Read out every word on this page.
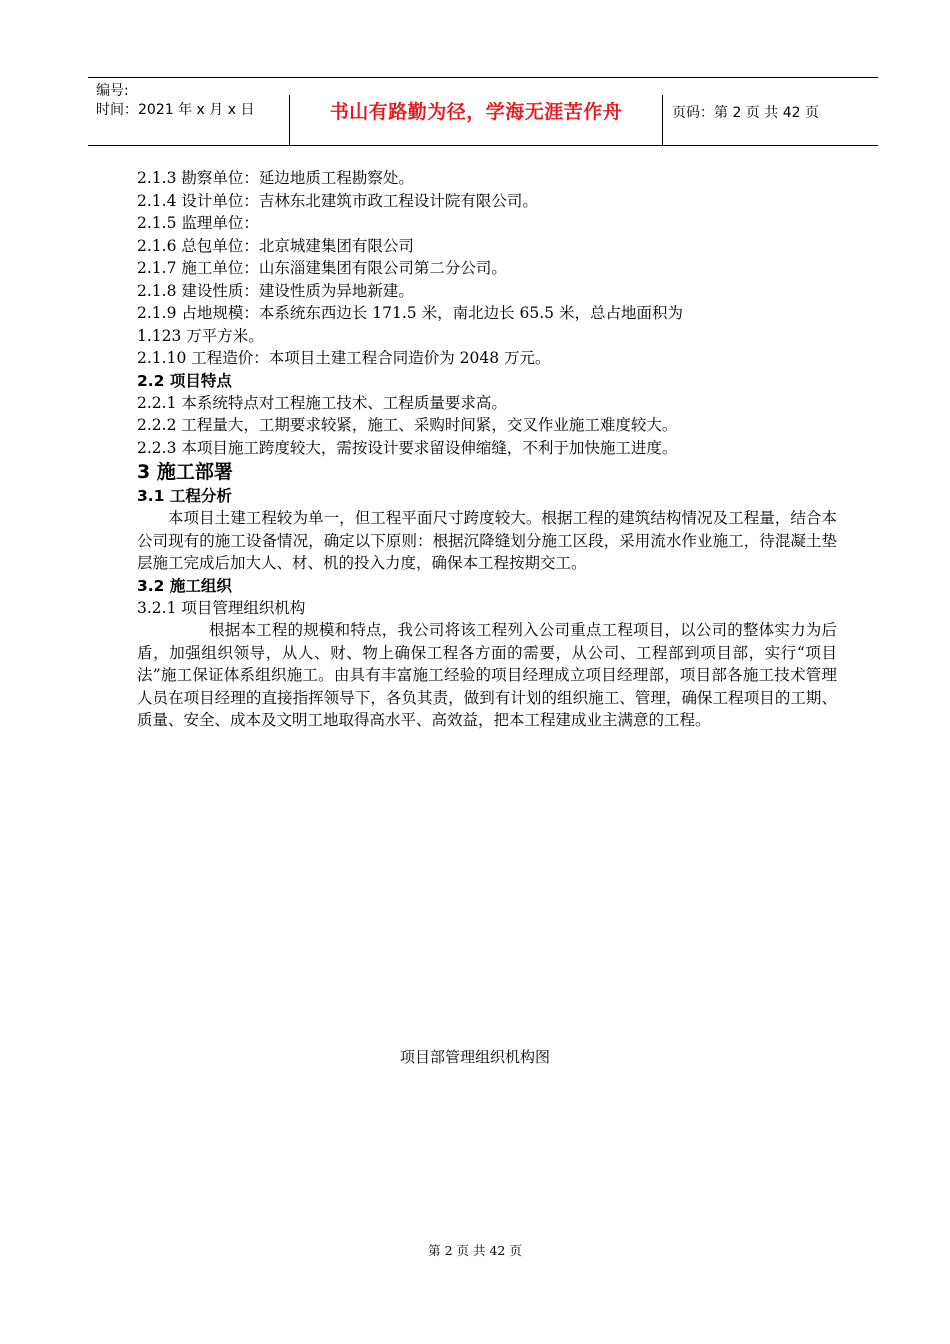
编号:
时间：2021 年 x 月 x 日	书山有路勤为径，学海无涯苦作舟	页码：第 2 页 共 42 页

2.1.3 勘察单位：延边地质工程勘察处。

2.1.4 设计单位：吉林东北建筑市政工程设计院有限公司。

2.1.5 监理单位：

2.1.6 总包单位：北京城建集团有限公司

2.1.7 施工单位：山东淄建集团有限公司第二分公司。

2.1.8 建设性质：建设性质为异地新建。

2.1.9 占地规模：本系统东西边长 171.5 米，南北边长 65.5 米，总占地面积为

1.123 万平方米。

2.1.10 工程造价：本项目土建工程合同造价为 2048 万元。

2.2 项目特点

2.2.1 本系统特点对工程施工技术、工程质量要求高。

2.2.2 工程量大，工期要求较紧，施工、采购时间紧，交叉作业施工难度较大。

2.2.3 本项目施工跨度较大，需按设计要求留设伸缩缝，不利于加快施工进度。

3 施工部署

3.1 工程分析

本项目土建工程较为单一，但工程平面尺寸跨度较大。根据工程的建筑结构情况及工程量，结合本公司现有的施工设备情况，确定以下原则：根据沉降缝划分施工区段，采用流水作业施工，待混凝土垫层施工完成后加大人、材、机的投入力度，确保本工程按期交工。

3.2 施工组织

3.2.1 项目管理组织机构

根据本工程的规模和特点，我公司将该工程列入公司重点工程项目，以公司的整体实力为后盾，加强组织领导，从人、财、物上确保工程各方面的需要，从公司、工程部到项目部，实行“项目法”施工保证体系组织施工。由具有丰富施工经验的项目经理成立项目经理部，项目部各施工技术管理人员在项目经理的直接指挥领导下，各负其责，做到有计划的组织施工、管理，确保工程项目的工期、质量、安全、成本及文明工地取得高水平、高效益，把本工程建成业主满意的工程。

项目部管理组织机构图
第 2 页 共 42 页
